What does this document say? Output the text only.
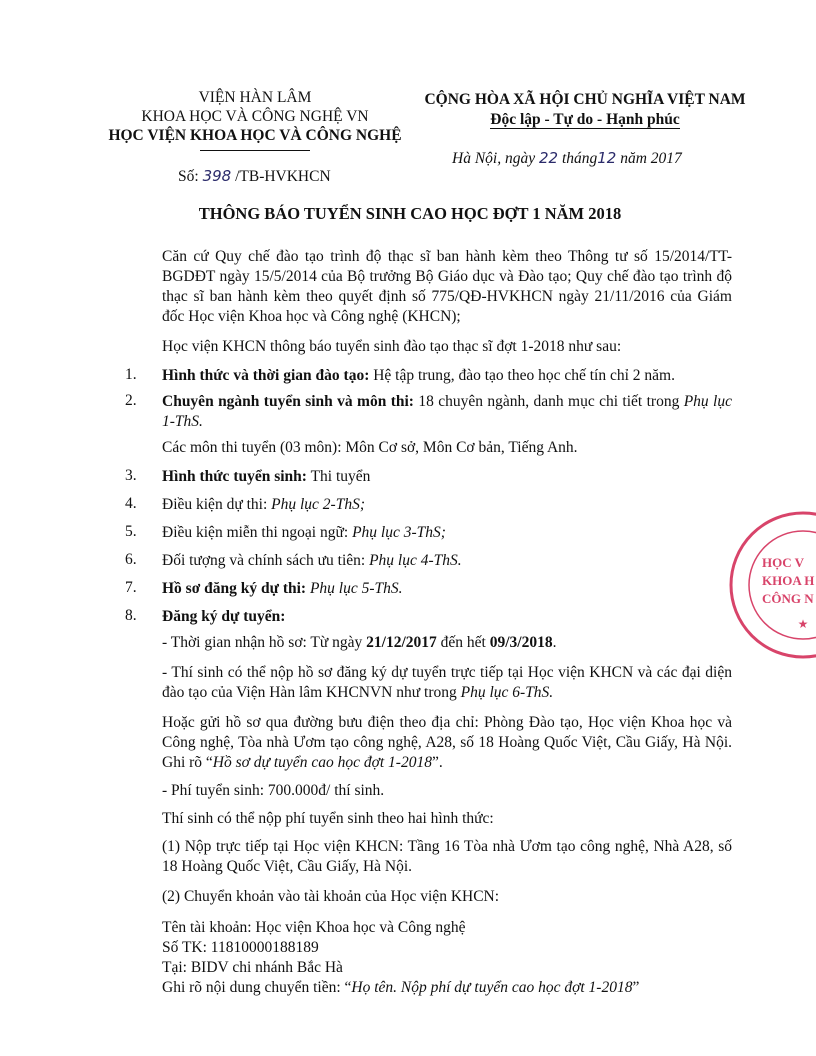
VIỆN HÀN LÂM
KHOA HỌC VÀ CÔNG NGHỆ VN
HỌC VIỆN KHOA HỌC VÀ CÔNG NGHỆ
Số: 398 /TB-HVKHCN
CỘNG HÒA XÃ HỘI CHỦ NGHĨA VIỆT NAM
Độc lập - Tự do - Hạnh phúc
Hà Nội, ngày 22 tháng12 năm 2017
THÔNG BÁO TUYỂN SINH CAO HỌC ĐỢT 1 NĂM 2018
Căn cứ Quy chế đào tạo trình độ thạc sĩ ban hành kèm theo Thông tư số 15/2014/TT-BGDĐT ngày 15/5/2014 của Bộ trưởng Bộ Giáo dục và Đào tạo; Quy chế đào tạo trình độ thạc sĩ ban hành kèm theo quyết định số 775/QĐ-HVKHCN ngày 21/11/2016 của Giám đốc Học viện Khoa học và Công nghệ (KHCN);
Học viện KHCN thông báo tuyển sinh đào tạo thạc sĩ đợt 1-2018 như sau:
1. Hình thức và thời gian đào tạo: Hệ tập trung, đào tạo theo học chế tín chỉ 2 năm.
2. Chuyên ngành tuyển sinh và môn thi: 18 chuyên ngành, danh mục chi tiết trong Phụ lục 1-ThS.
Các môn thi tuyển (03 môn): Môn Cơ sở, Môn Cơ bản, Tiếng Anh.
3. Hình thức tuyển sinh: Thi tuyển
4. Điều kiện dự thi: Phụ lục 2-ThS;
5. Điều kiện miễn thi ngoại ngữ: Phụ lục 3-ThS;
6. Đối tượng và chính sách ưu tiên: Phụ lục 4-ThS.
7. Hồ sơ đăng ký dự thi: Phụ lục 5-ThS.
8. Đăng ký dự tuyển:
- Thời gian nhận hồ sơ: Từ ngày 21/12/2017 đến hết 09/3/2018.
- Thí sinh có thể nộp hồ sơ đăng ký dự tuyển trực tiếp tại Học viện KHCN và các đại diện đào tạo của Viện Hàn lâm KHCNVN như trong Phụ lục 6-ThS.
Hoặc gửi hồ sơ qua đường bưu điện theo địa chỉ: Phòng Đào tạo, Học viện Khoa học và Công nghệ, Tòa nhà Ươm tạo công nghệ, A28, số 18 Hoàng Quốc Việt, Cầu Giấy, Hà Nội. Ghi rõ “Hồ sơ dự tuyển cao học đợt 1-2018”.
- Phí tuyển sinh: 700.000đ/ thí sinh.
Thí sinh có thể nộp phí tuyển sinh theo hai hình thức:
(1) Nộp trực tiếp tại Học viện KHCN: Tầng 16 Tòa nhà Ươm tạo công nghệ, Nhà A28, số 18 Hoàng Quốc Việt, Cầu Giấy, Hà Nội.
(2) Chuyển khoản vào tài khoản của Học viện KHCN:
Tên tài khoản: Học viện Khoa học và Công nghệ
Số TK: 11810000188189
Tại: BIDV chi nhánh Bắc Hà
Ghi rõ nội dung chuyển tiền: “Họ tên. Nộp phí dự tuyển cao học đợt 1-2018”
★
HỌC V
KHOA H
CÔNG N
